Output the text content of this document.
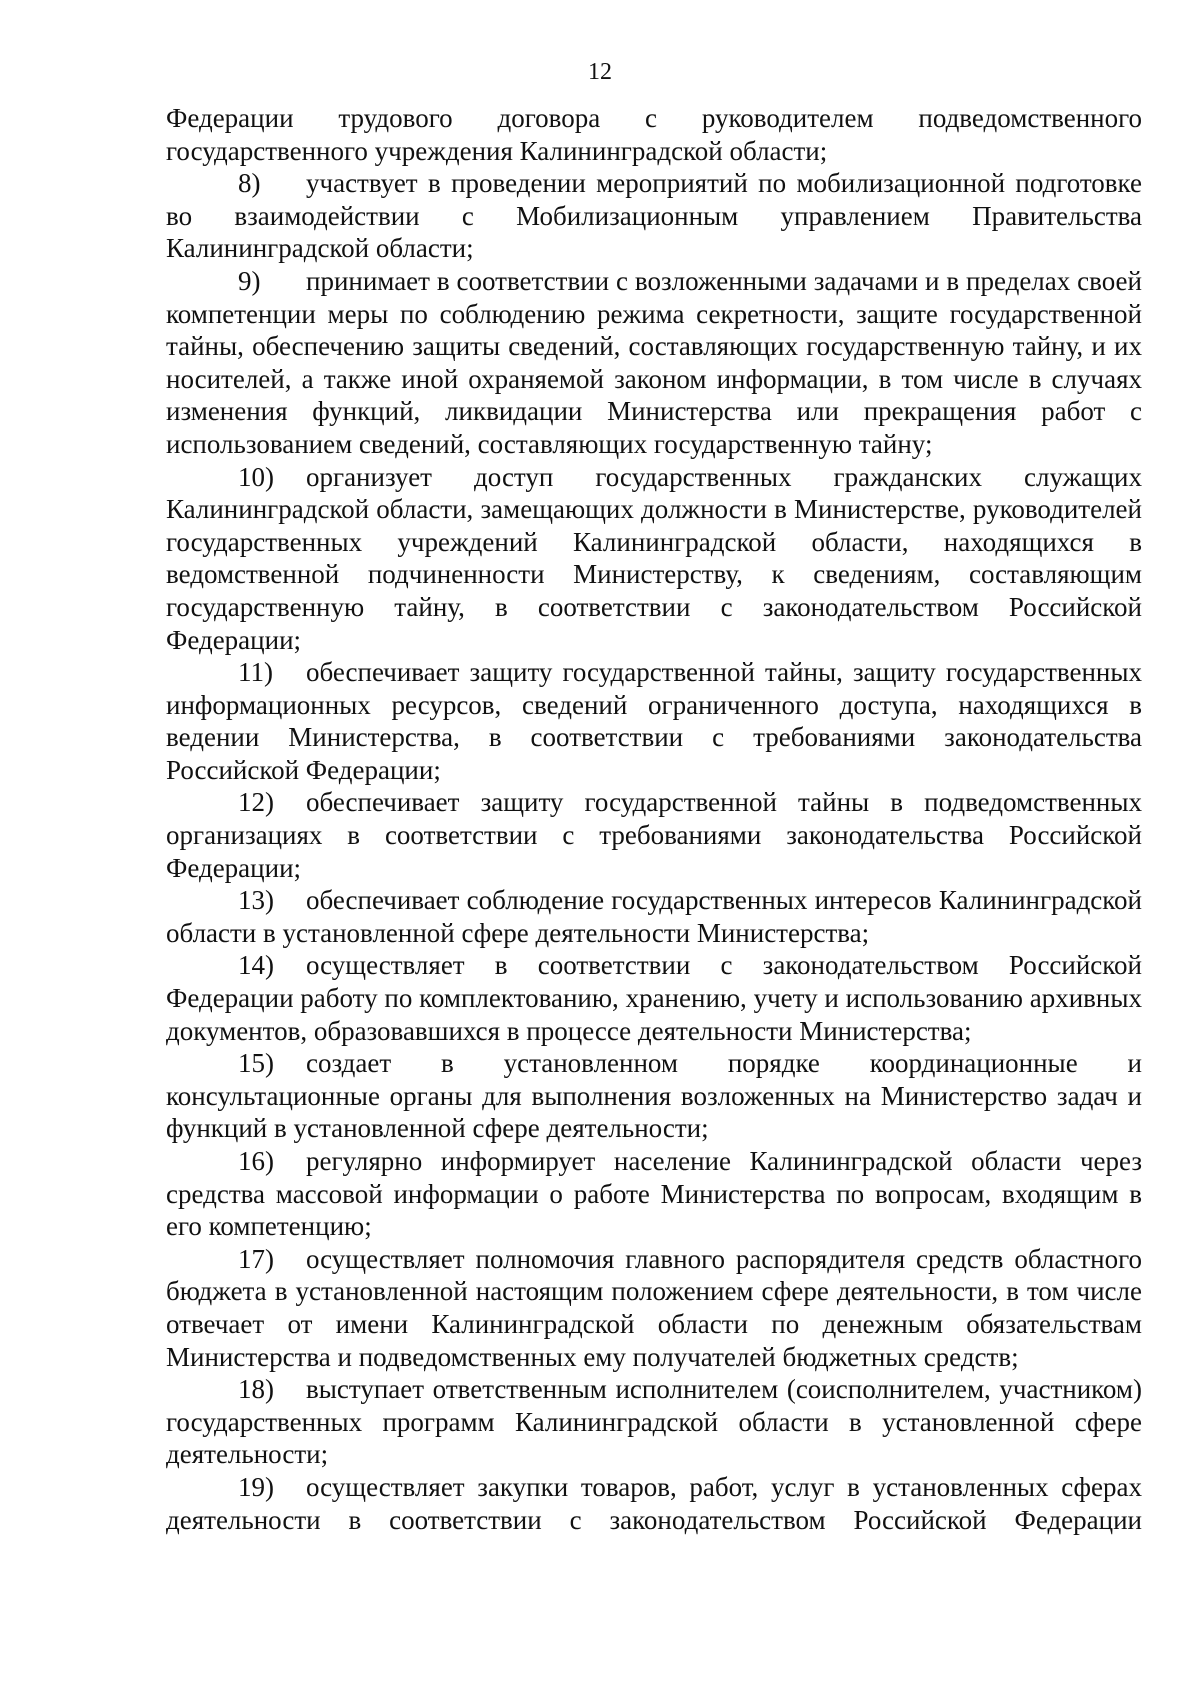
12

Федерации трудового договора с руководителем подведомственного государственного учреждения Калининградской области;

8) участвует в проведении мероприятий по мобилизационной подготовке во взаимодействии с Мобилизационным управлением Правительства Калининградской области;

9) принимает в соответствии с возложенными задачами и в пределах своей компетенции меры по соблюдению режима секретности, защите государственной тайны, обеспечению защиты сведений, составляющих государственную тайну, и их носителей, а также иной охраняемой законом информации, в том числе в случаях изменения функций, ликвидации Министерства или прекращения работ с использованием сведений, составляющих государственную тайну;

10) организует доступ государственных гражданских служащих Калининградской области, замещающих должности в Министерстве, руководителей государственных учреждений Калининградской области, находящихся в ведомственной подчиненности Министерству, к сведениям, составляющим государственную тайну, в соответствии с законодательством Российской Федерации;

11) обеспечивает защиту государственной тайны, защиту государственных информационных ресурсов, сведений ограниченного доступа, находящихся в ведении Министерства, в соответствии с требованиями законодательства Российской Федерации;

12) обеспечивает защиту государственной тайны в подведомственных организациях в соответствии с требованиями законодательства Российской Федерации;

13) обеспечивает соблюдение государственных интересов Калининградской области в установленной сфере деятельности Министерства;

14) осуществляет в соответствии с законодательством Российской Федерации работу по комплектованию, хранению, учету и использованию архивных документов, образовавшихся в процессе деятельности Министерства;

15) создает в установленном порядке координационные и консультационные органы для выполнения возложенных на Министерство задач и функций в установленной сфере деятельности;

16) регулярно информирует население Калининградской области через средства массовой информации о работе Министерства по вопросам, входящим в его компетенцию;

17) осуществляет полномочия главного распорядителя средств областного бюджета в установленной настоящим положением сфере деятельности, в том числе отвечает от имени Калининградской области по денежным обязательствам Министерства и подведомственных ему получателей бюджетных средств;

18) выступает ответственным исполнителем (соисполнителем, участником) государственных программ Калининградской области в установленной сфере деятельности;

19) осуществляет закупки товаров, работ, услуг в установленных сферах деятельности в соответствии с законодательством Российской Федерации
